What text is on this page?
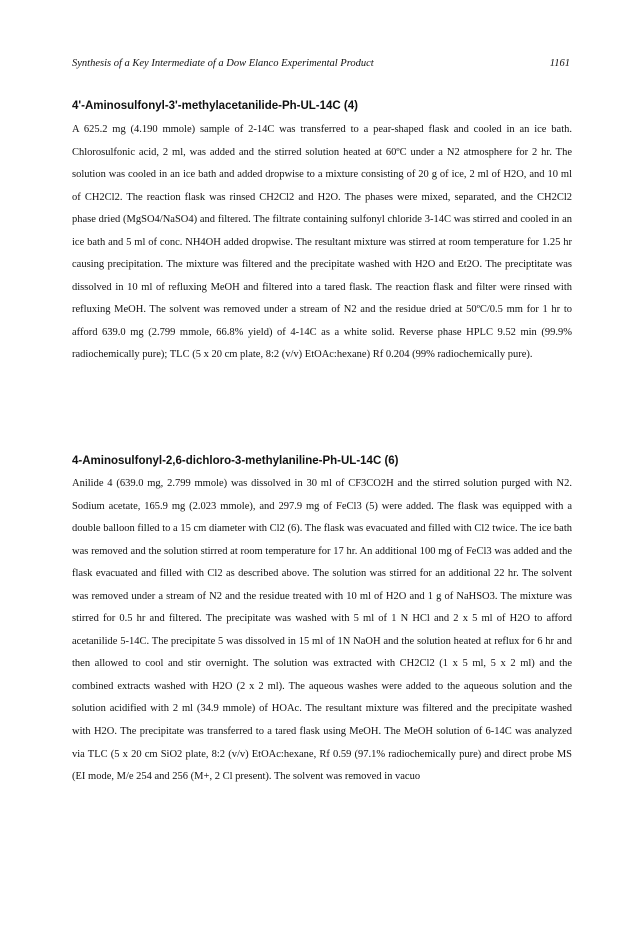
Synthesis of a Key Intermediate of a Dow Elanco Experimental Product	1161
4'-Aminosulfonyl-3'-methylacetanilide-Ph-UL-14C (4)

A 625.2 mg (4.190 mmole) sample of 2-14C was transferred to a pear-shaped flask and cooled in an ice bath. Chlorosulfonic acid, 2 ml, was added and the stirred solution heated at 60ºC under a N2 atmosphere for 2 hr. The solution was cooled in an ice bath and added dropwise to a mixture consisting of 20 g of ice, 2 ml of H2O, and 10 ml of CH2Cl2. The reaction flask was rinsed CH2Cl2 and H2O. The phases were mixed, separated, and the CH2Cl2 phase dried (MgSO4/NaSO4) and filtered. The filtrate containing sulfonyl chloride 3-14C was stirred and cooled in an ice bath and 5 ml of conc. NH4OH added dropwise. The resultant mixture was stirred at room temperature for 1.25 hr causing precipitation. The mixture was filtered and the precipitate washed with H2O and Et2O. The preciptitate was dissolved in 10 ml of refluxing MeOH and filtered into a tared flask. The reaction flask and filter were rinsed with refluxing MeOH. The solvent was removed under a stream of N2 and the residue dried at 50ºC/0.5 mm for 1 hr to afford 639.0 mg (2.799 mmole, 66.8% yield) of 4-14C as a white solid. Reverse phase HPLC 9.52 min (99.9% radiochemically pure); TLC (5 x 20 cm plate, 8:2 (v/v) EtOAc:hexane) Rf 0.204 (99% radiochemically pure).

4-Aminosulfonyl-2,6-dichloro-3-methylaniline-Ph-UL-14C (6)

Anilide 4 (639.0 mg, 2.799 mmole) was dissolved in 30 ml of CF3CO2H and the stirred solution purged with N2. Sodium acetate, 165.9 mg (2.023 mmole), and 297.9 mg of FeCl3 (5) were added. The flask was equipped with a double balloon filled to a 15 cm diameter with Cl2 (6). The flask was evacuated and filled with Cl2 twice. The ice bath was removed and the solution stirred at room temperature for 17 hr. An additional 100 mg of FeCl3 was added and the flask evacuated and filled with Cl2 as described above. The solution was stirred for an additional 22 hr. The solvent was removed under a stream of N2 and the residue treated with 10 ml of H2O and 1 g of NaHSO3. The mixture was stirred for 0.5 hr and filtered. The precipitate was washed with 5 ml of 1 N HCl and 2 x 5 ml of H2O to afford acetanilide 5-14C. The precipitate 5 was dissolved in 15 ml of 1N NaOH and the solution heated at reflux for 6 hr and then allowed to cool and stir overnight. The solution was extracted with CH2Cl2 (1 x 5 ml, 5 x 2 ml) and the combined extracts washed with H2O (2 x 2 ml). The aqueous washes were added to the aqueous solution and the solution acidified with 2 ml (34.9 mmole) of HOAc. The resultant mixture was filtered and the precipitate washed with H2O. The precipitate was transferred to a tared flask using MeOH. The MeOH solution of 6-14C was analyzed via TLC (5 x 20 cm SiO2 plate, 8:2 (v/v) EtOAc:hexane, Rf 0.59 (97.1% radiochemically pure) and direct probe MS (EI mode, M/e 254 and 256 (M+, 2 Cl present). The solvent was removed in vacuo
